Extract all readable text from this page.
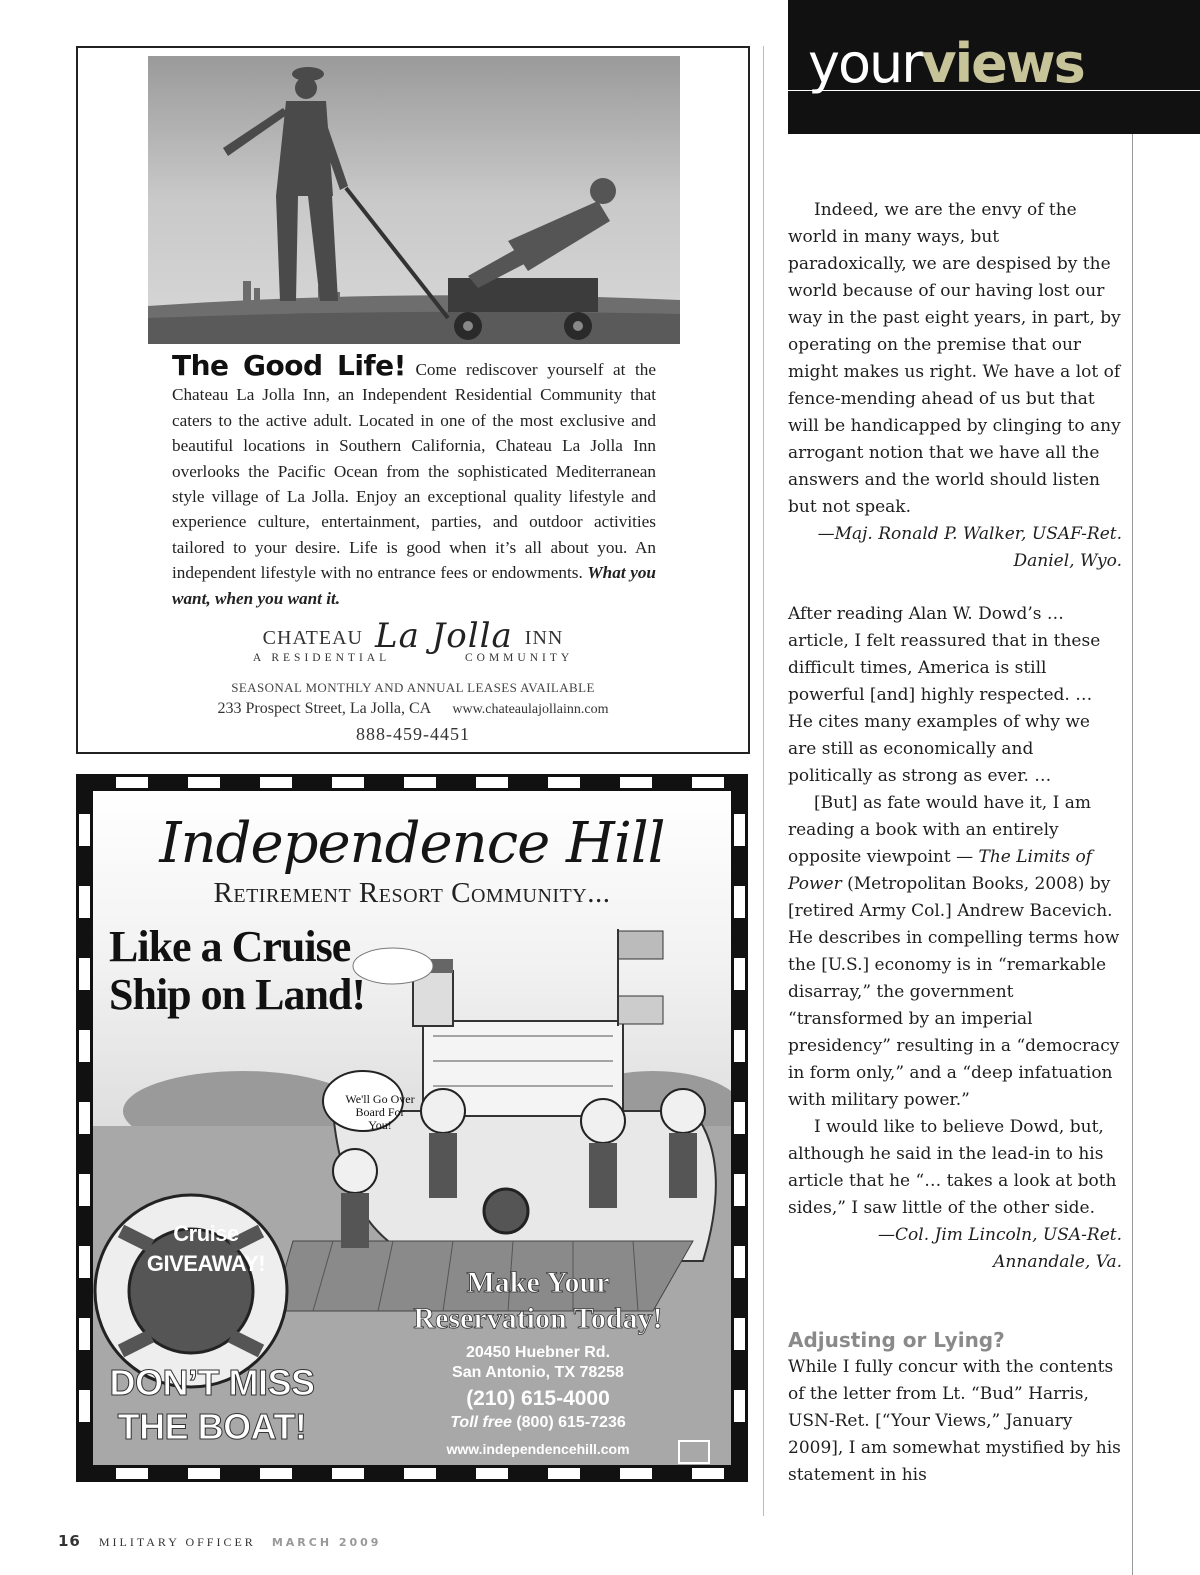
The Good Life! Come rediscover yourself at the Chateau La Jolla Inn, an Independent Residential Community that caters to the active adult. Located in one of the most exclusive and beautiful locations in Southern California, Chateau La Jolla Inn overlooks the Pacific Ocean from the sophisticated Mediterranean style village of La Jolla. Enjoy an exceptional quality lifestyle and experience culture, entertainment, parties, and outdoor activities tailored to your desire. Life is good when it’s all about you. An independent lifestyle with no entrance fees or endowments. What you want, when you want it.
CHATEAU La Jolla INN
A RESIDENTIAL	COMMUNITY
SEASONAL MONTHLY AND ANNUAL LEASES AVAILABLE
233 Prospect Street, La Jolla, CA www.chateaulajollainn.com
888-459-4451
Independence Hill
Retirement Resort Community...
Like a Cruise
Ship on Land!
We'll Go Over Board For You!
Cruise
GIVEAWAY!
DON’T MISS
THE BOAT!
Make Your
Reservation Today!
20450 Huebner Rd.
San Antonio, TX 78258
(210) 615-4000
Toll free (800) 615-7236
www.independencehill.com
yourviews

Indeed, we are the envy of the world in many ways, but paradoxically, we are despised by the world because of our having lost our way in the past eight years, in part, by operating on the premise that our might makes us right. We have a lot of fence-mending ahead of us but that will be handicapped by clinging to any arrogant notion that we have all the answers and the world should listen but not speak.

—Maj. Ronald P. Walker, USAF-Ret.

Daniel, Wyo.

After reading Alan W. Dowd’s … article, I felt reassured that in these difficult times, America is still powerful [and] highly respected. … He cites many examples of why we are still as economically and politically as strong as ever. …

[But] as fate would have it, I am reading a book with an entirely opposite viewpoint — The Limits of Power (Metropolitan Books, 2008) by [retired Army Col.] Andrew Bacevich. He describes in compelling terms how the [U.S.] economy is in “remarkable disarray,” the government “transformed by an imperial presidency” resulting in a “democracy in form only,” and a “deep infatuation with military power.”

I would like to believe Dowd, but, although he said in the lead-in to his article that he “… takes a look at both sides,” I saw little of the other side.

—Col. Jim Lincoln, USA-Ret.

Annandale, Va.

Adjusting or Lying?

While I fully concur with the contents of the letter from Lt. “Bud” Harris, USN-Ret. [“Your Views,” January 2009], I am somewhat mystified by his statement in his

16 MILITARY OFFICER MARCH 2009
